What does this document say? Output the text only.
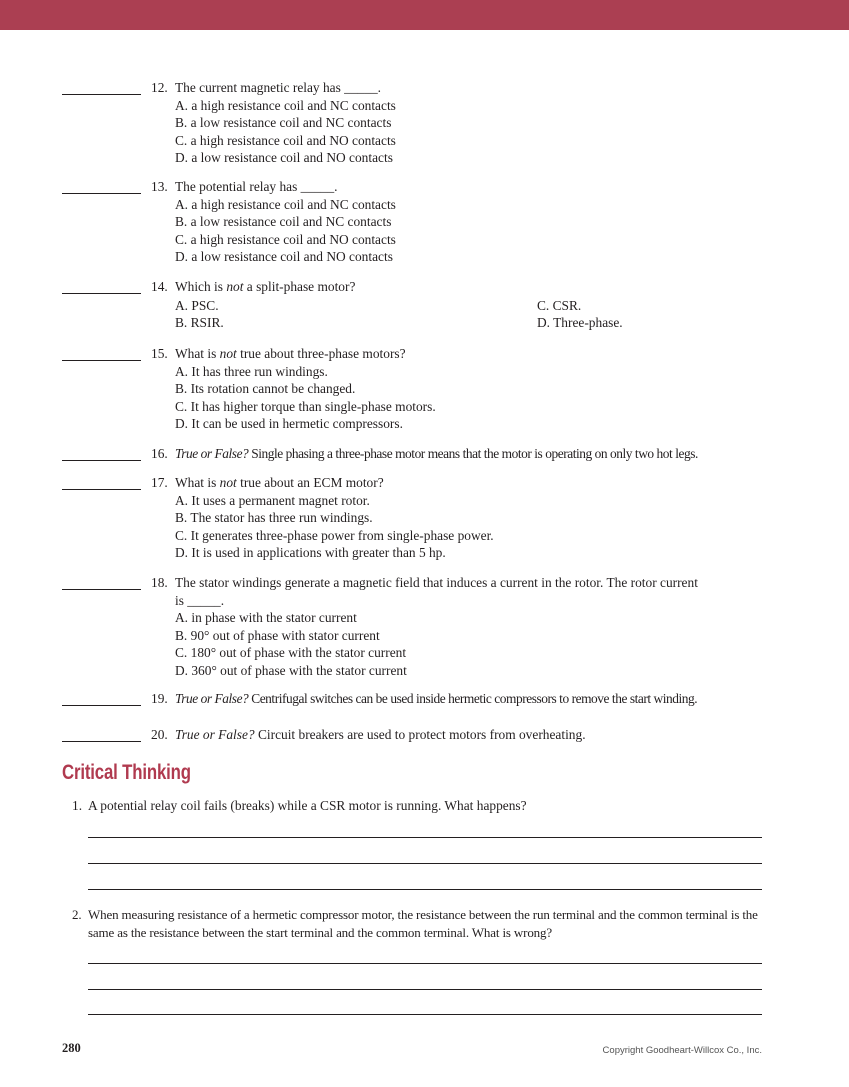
12. The current magnetic relay has _____.
A. a high resistance coil and NC contacts
B. a low resistance coil and NC contacts
C. a high resistance coil and NO contacts
D. a low resistance coil and NO contacts
13. The potential relay has _____.
A. a high resistance coil and NC contacts
B. a low resistance coil and NC contacts
C. a high resistance coil and NO contacts
D. a low resistance coil and NO contacts
14. Which is not a split-phase motor?
A. PSC.
B. RSIR.
C. CSR.
D. Three-phase.
15. What is not true about three-phase motors?
A. It has three run windings.
B. Its rotation cannot be changed.
C. It has higher torque than single-phase motors.
D. It can be used in hermetic compressors.
16. True or False? Single phasing a three-phase motor means that the motor is operating on only two hot legs.
17. What is not true about an ECM motor?
A. It uses a permanent magnet rotor.
B. The stator has three run windings.
C. It generates three-phase power from single-phase power.
D. It is used in applications with greater than 5 hp.
18. The stator windings generate a magnetic field that induces a current in the rotor. The rotor current
is _____.
A. in phase with the stator current
B. 90° out of phase with stator current
C. 180° out of phase with the stator current
D. 360° out of phase with the stator current
19. True or False? Centrifugal switches can be used inside hermetic compressors to remove the start winding.
20. True or False? Circuit breakers are used to protect motors from overheating.
Critical Thinking
1. A potential relay coil fails (breaks) while a CSR motor is running. What happens?
2. When measuring resistance of a hermetic compressor motor, the resistance between the run terminal and the common terminal is the same as the resistance between the start terminal and the common terminal. What is wrong?
280	Copyright Goodheart-Willcox Co., Inc.
